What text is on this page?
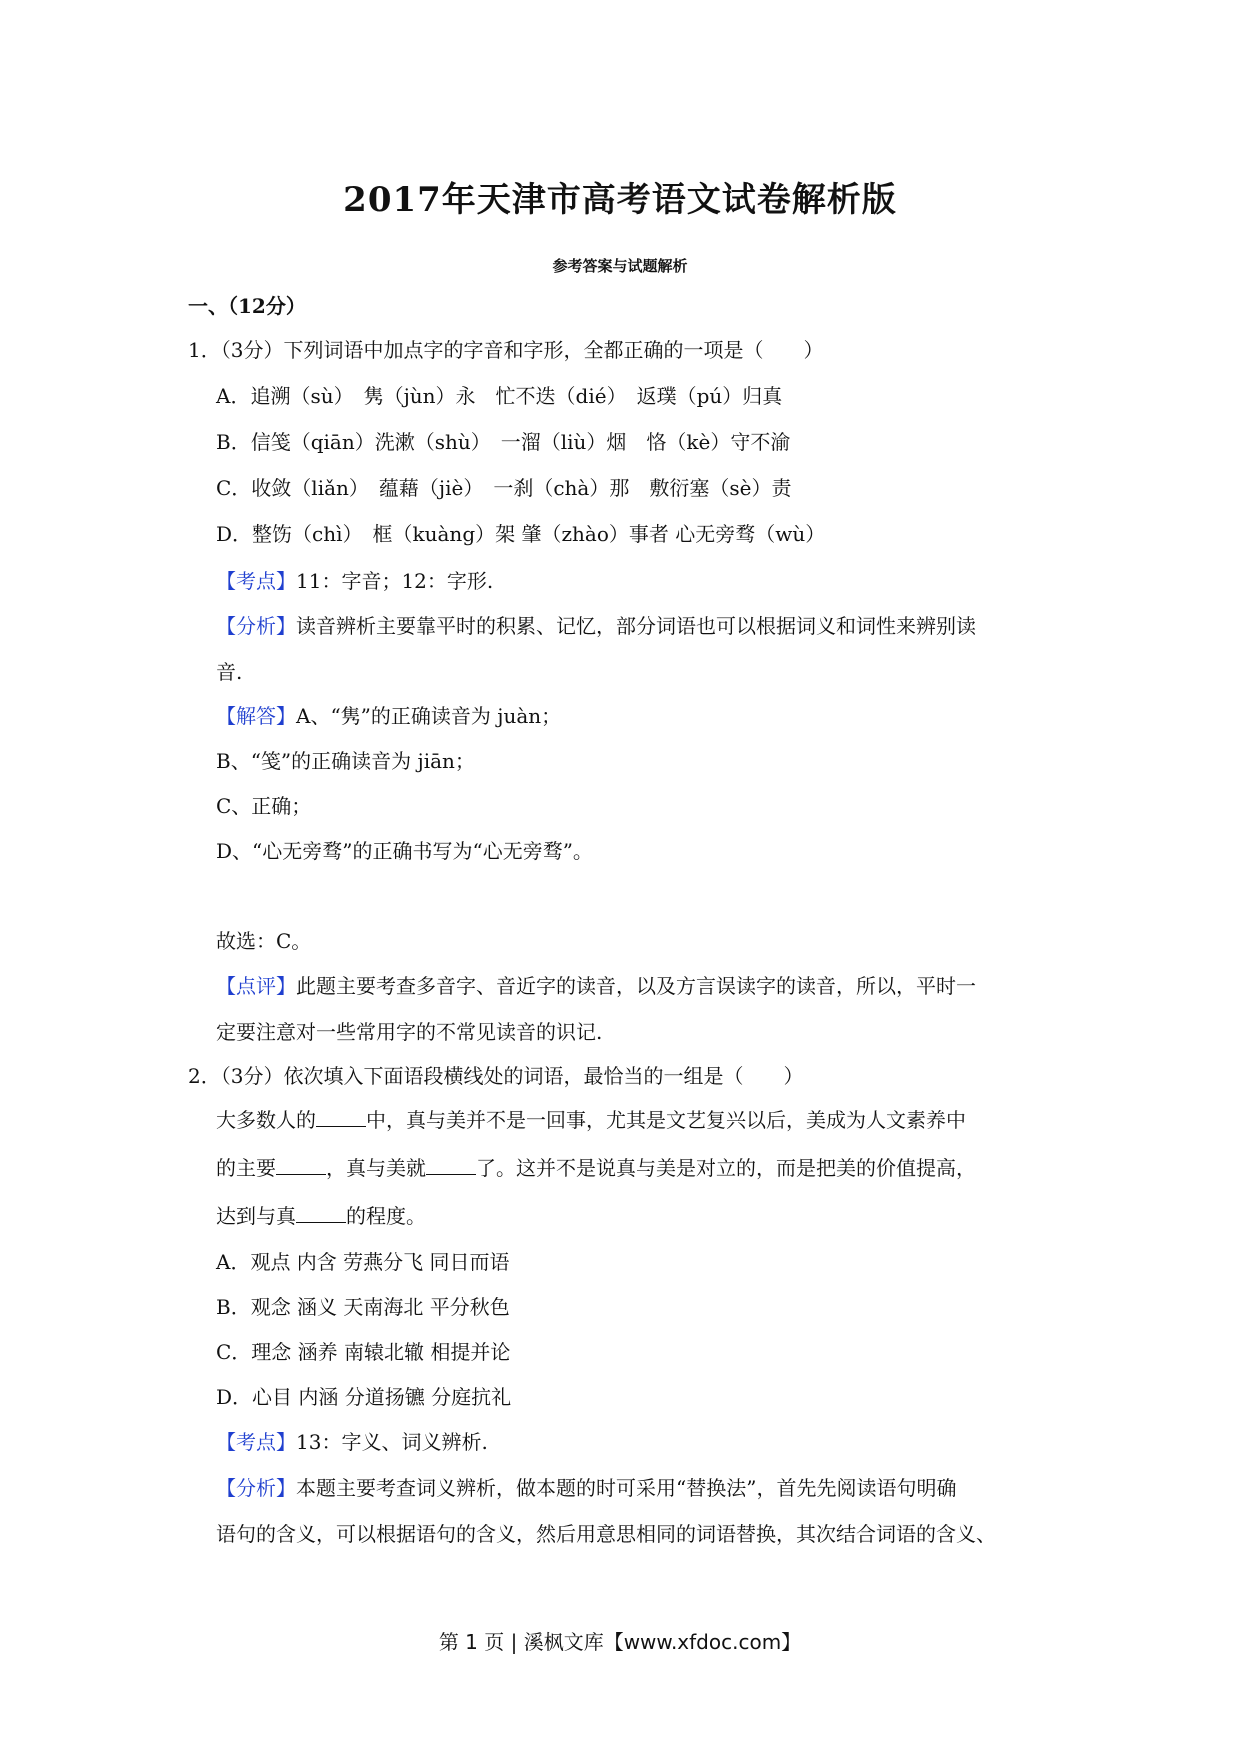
2017年天津市高考语文试卷解析版
参考答案与试题解析
一、（12分）
1．（3分）下列词语中加点字的字音和字形，全都正确的一项是（　　）
A．追溯（sù）　隽（jùn）永　忙不迭（dié）　返璞（pú）归真
B．信笺（qiān）洗漱（shù）　一溜（liù）烟　恪（kè）守不渝
C．收敛（liǎn）　蕴藉（jiè）　一刹（chà）那　敷衍塞（sè）责
D．整饬（chì）　框（kuàng）架 肇（zhào）事者 心无旁骛（wù）
【考点】11：字音；12：字形.
【分析】读音辨析主要靠平时的积累、记忆，部分词语也可以根据词义和词性来辨别读
音.
【解答】A、“隽”的正确读音为 juàn；
B、“笺”的正确读音为 jiān；
C、正确；
D、“心无旁骛”的正确书写为“心无旁骛”。
故选：C。
【点评】此题主要考查多音字、音近字的读音，以及方言误读字的读音，所以，平时一
定要注意对一些常用字的不常见读音的识记.
2．（3分）依次填入下面语段横线处的词语，最恰当的一组是（　　）
大多数人的	中，真与美并不是一回事，尤其是文艺复兴以后，美成为人文素养中
的主要	，真与美就	了。这并不是说真与美是对立的，而是把美的价值提高，
达到与真	的程度。
A．观点 内含 劳燕分飞 同日而语
B．观念 涵义 天南海北 平分秋色
C．理念 涵养 南辕北辙 相提并论
D．心目 内涵 分道扬镳 分庭抗礼
【考点】13：字义、词义辨析.
【分析】本题主要考查词义辨析，做本题的时可采用“替换法”，首先先阅读语句明确
语句的含义，可以根据语句的含义，然后用意思相同的词语替换，其次结合词语的含义、
第 1 页 | 溪枫文库【www.xfdoc.com】
